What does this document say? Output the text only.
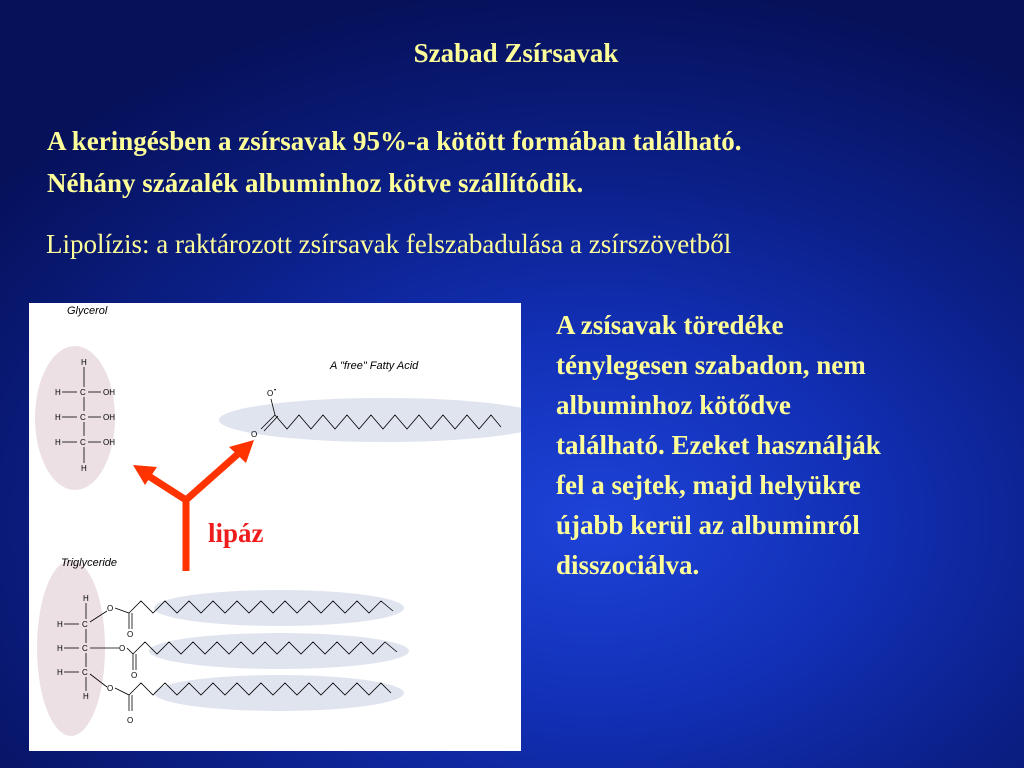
Szabad Zsírsavak
A keringésben a zsírsavak 95%-a kötött formában található.
Néhány százalék albuminhoz kötve szállítódik.
Lipolízis: a raktározott zsírsavak felszabadulása a zsírszövetből
H
H C OH
H C OH
H C OH
H
O •
O
H
H C
O
H C	O
H C
O
H
O
O
O
Glycerol
A "free" Fatty Acid
Triglyceride
lipáz
A zsísavak töredéke
ténylegesen szabadon, nem
albuminhoz kötődve
található. Ezeket használják
fel a sejtek, majd helyükre
újabb kerül az albuminról
disszociálva.
